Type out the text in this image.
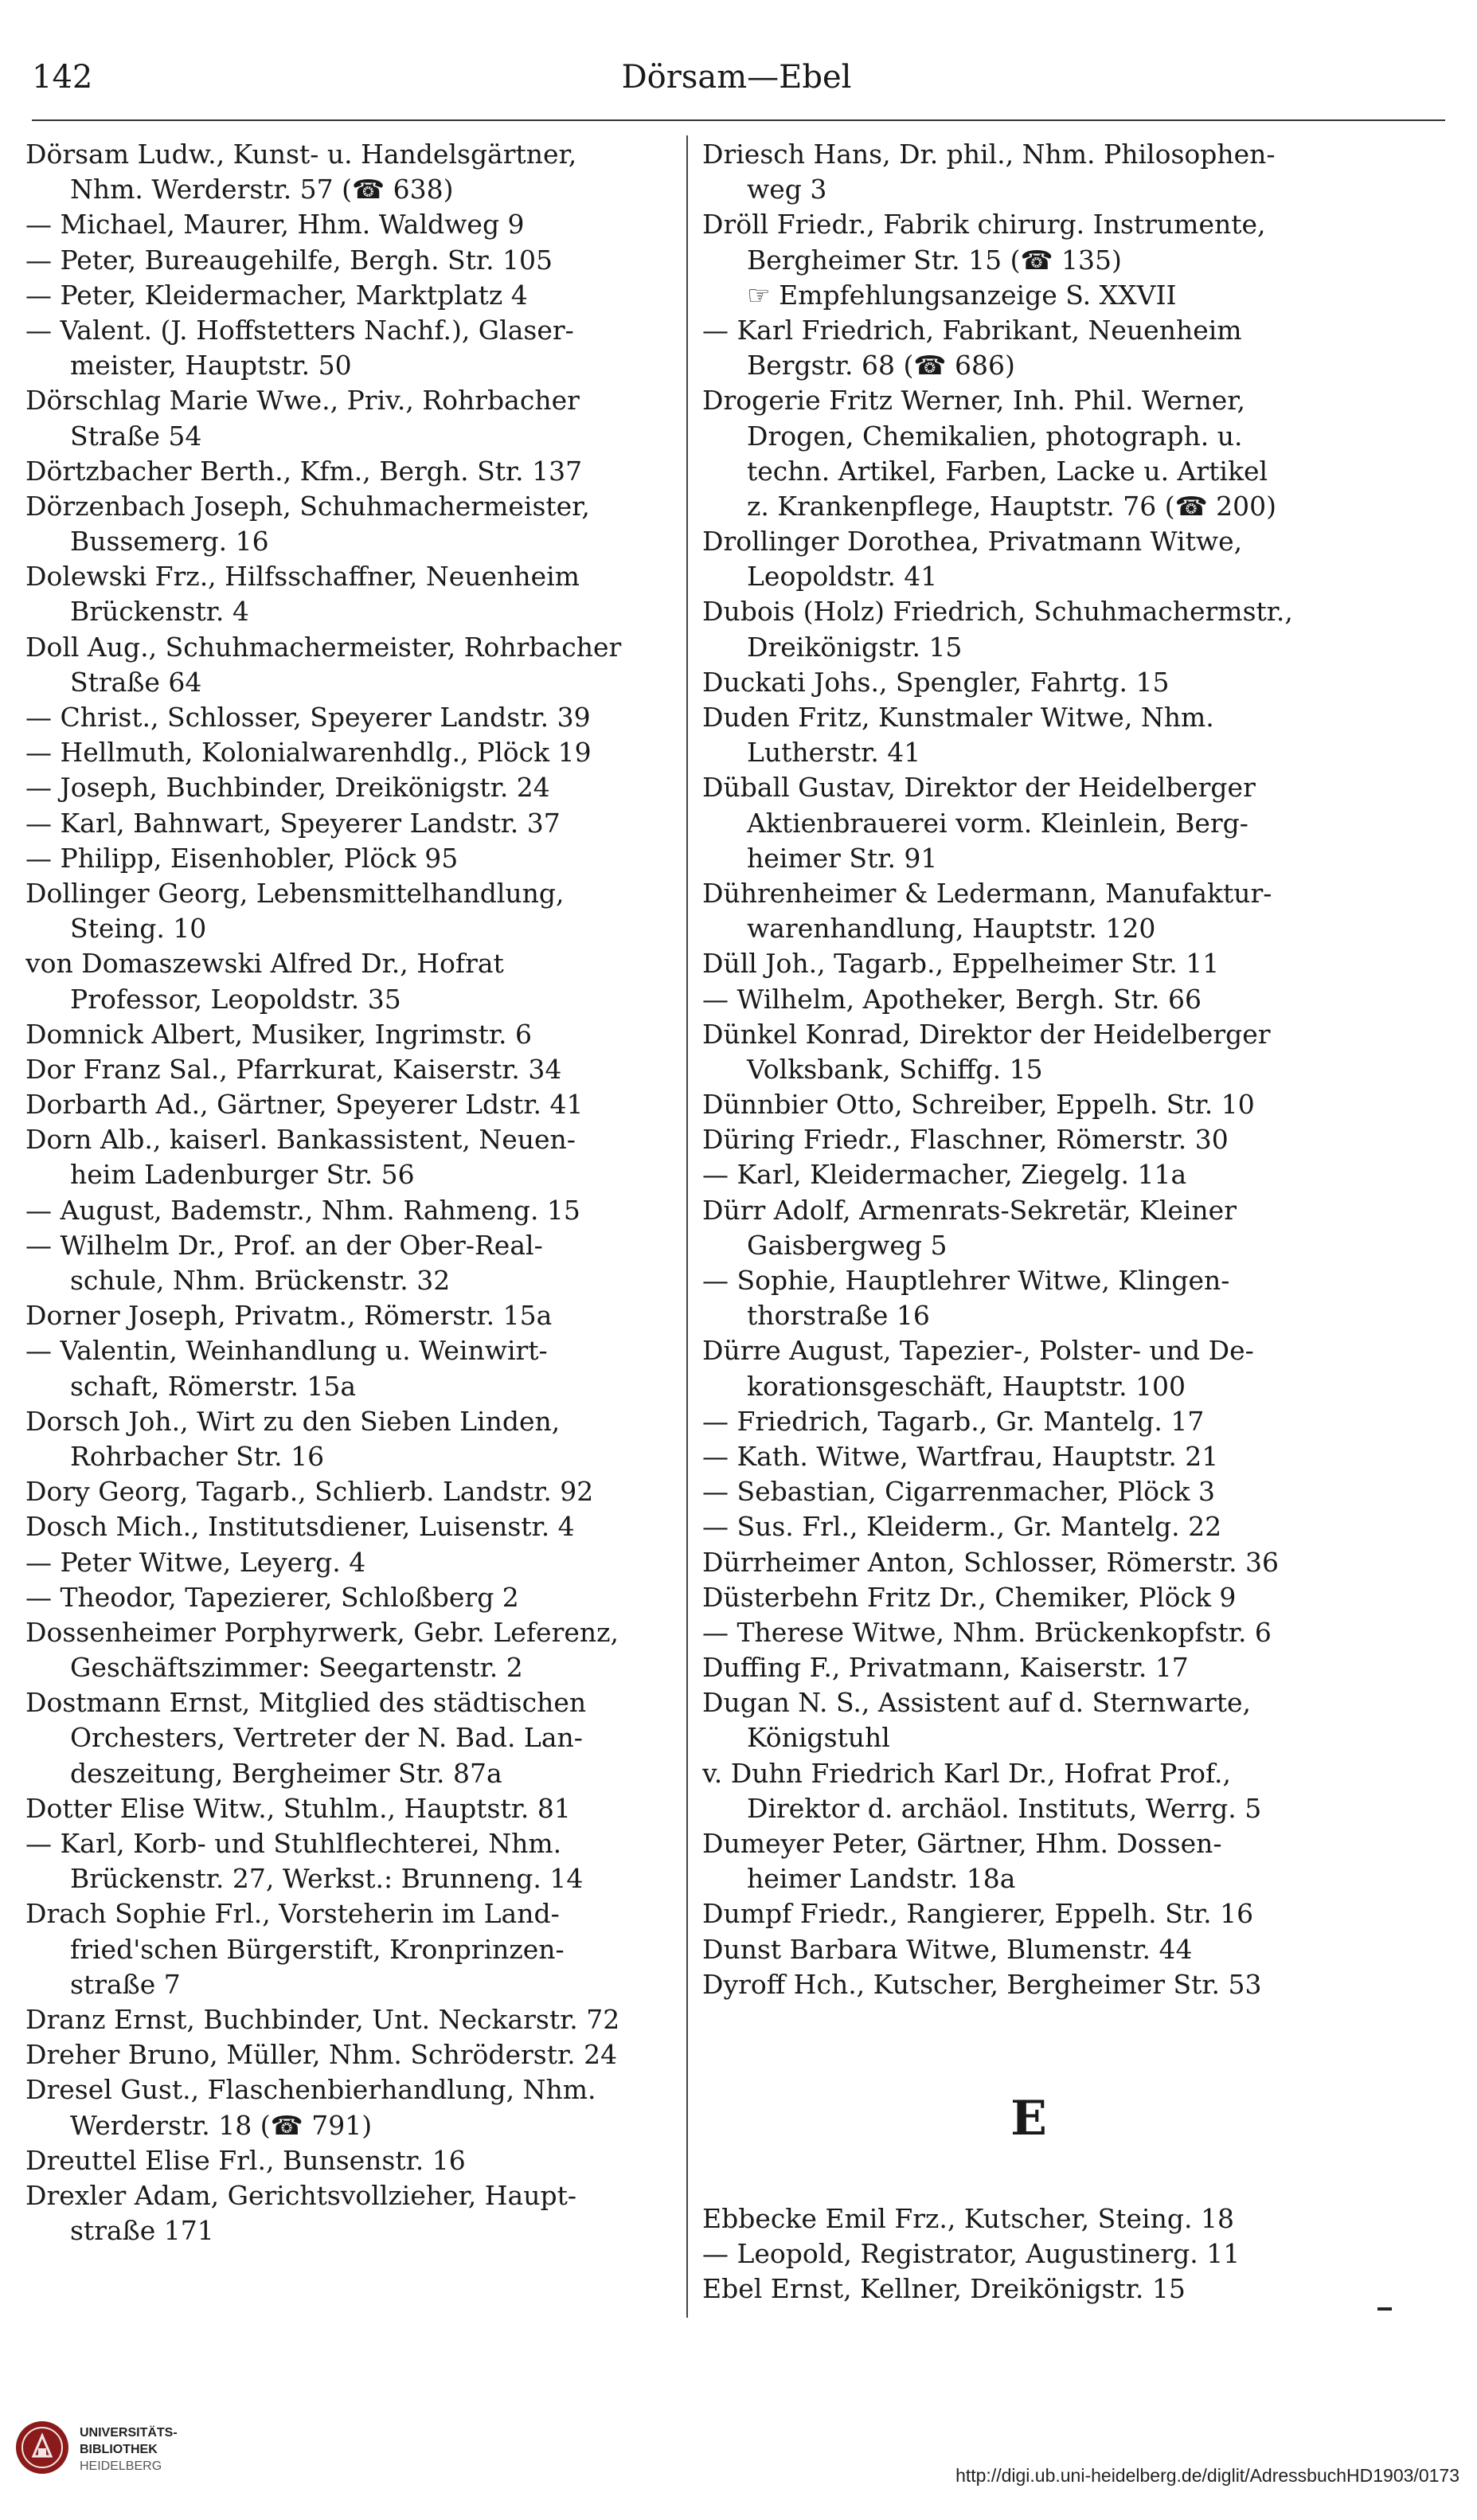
142	Dörsam—Ebel
Dörsam Ludw., Kunst- u. Handelsgärtner,
Nhm. Werderstr. 57 (☎ 638)
— Michael, Maurer, Hhm. Waldweg 9
— Peter, Bureaugehilfe, Bergh. Str. 105
— Peter, Kleidermacher, Marktplatz 4
— Valent. (J. Hoffstetters Nachf.), Glaser-
meister, Hauptstr. 50
Dörschlag Marie Wwe., Priv., Rohrbacher
Straße 54
Dörtzbacher Berth., Kfm., Bergh. Str. 137
Dörzenbach Joseph, Schuhmachermeister,
Bussemerg. 16
Dolewski Frz., Hilfsschaffner, Neuenheim
Brückenstr. 4
Doll Aug., Schuhmachermeister, Rohrbacher
Straße 64
— Christ., Schlosser, Speyerer Landstr. 39
— Hellmuth, Kolonialwarenhdlg., Plöck 19
— Joseph, Buchbinder, Dreikönigstr. 24
— Karl, Bahnwart, Speyerer Landstr. 37
— Philipp, Eisenhobler, Plöck 95
Dollinger Georg, Lebensmittelhandlung,
Steing. 10
von Domaszewski Alfred Dr., Hofrat
Professor, Leopoldstr. 35
Domnick Albert, Musiker, Ingrimstr. 6
Dor Franz Sal., Pfarrkurat, Kaiserstr. 34
Dorbarth Ad., Gärtner, Speyerer Ldstr. 41
Dorn Alb., kaiserl. Bankassistent, Neuen-
heim Ladenburger Str. 56
— August, Bademstr., Nhm. Rahmeng. 15
— Wilhelm Dr., Prof. an der Ober-Real-
schule, Nhm. Brückenstr. 32
Dorner Joseph, Privatm., Römerstr. 15a
— Valentin, Weinhandlung u. Weinwirt-
schaft, Römerstr. 15a
Dorsch Joh., Wirt zu den Sieben Linden,
Rohrbacher Str. 16
Dory Georg, Tagarb., Schlierb. Landstr. 92
Dosch Mich., Institutsdiener, Luisenstr. 4
— Peter Witwe, Leyerg. 4
— Theodor, Tapezierer, Schloßberg 2
Dossenheimer Porphyrwerk, Gebr. Leferenz,
Geschäftszimmer: Seegartenstr. 2
Dostmann Ernst, Mitglied des städtischen
Orchesters, Vertreter der N. Bad. Lan-
deszeitung, Bergheimer Str. 87a
Dotter Elise Witw., Stuhlm., Hauptstr. 81
— Karl, Korb- und Stuhlflechterei, Nhm.
Brückenstr. 27, Werkst.: Brunneng. 14
Drach Sophie Frl., Vorsteherin im Land-
fried'schen Bürgerstift, Kronprinzen-
straße 7
Dranz Ernst, Buchbinder, Unt. Neckarstr. 72
Dreher Bruno, Müller, Nhm. Schröderstr. 24
Dresel Gust., Flaschenbierhandlung, Nhm.
Werderstr. 18 (☎ 791)
Dreuttel Elise Frl., Bunsenstr. 16
Drexler Adam, Gerichtsvollzieher, Haupt-
straße 171
Driesch Hans, Dr. phil., Nhm. Philosophen-
weg 3
Dröll Friedr., Fabrik chirurg. Instrumente,
Bergheimer Str. 15 (☎ 135)
☞ Empfehlungsanzeige S. XXVII
— Karl Friedrich, Fabrikant, Neuenheim
Bergstr. 68 (☎ 686)
Drogerie Fritz Werner, Inh. Phil. Werner,
Drogen, Chemikalien, photograph. u.
techn. Artikel, Farben, Lacke u. Artikel
z. Krankenpflege, Hauptstr. 76 (☎ 200)
Drollinger Dorothea, Privatmann Witwe,
Leopoldstr. 41
Dubois (Holz) Friedrich, Schuhmachermstr.,
Dreikönigstr. 15
Duckati Johs., Spengler, Fahrtg. 15
Duden Fritz, Kunstmaler Witwe, Nhm.
Lutherstr. 41
Düball Gustav, Direktor der Heidelberger
Aktienbrauerei vorm. Kleinlein, Berg-
heimer Str. 91
Dührenheimer & Ledermann, Manufaktur-
warenhandlung, Hauptstr. 120
Düll Joh., Tagarb., Eppelheimer Str. 11
— Wilhelm, Apotheker, Bergh. Str. 66
Dünkel Konrad, Direktor der Heidelberger
Volksbank, Schiffg. 15
Dünnbier Otto, Schreiber, Eppelh. Str. 10
Düring Friedr., Flaschner, Römerstr. 30
— Karl, Kleidermacher, Ziegelg. 11a
Dürr Adolf, Armenrats-Sekretär, Kleiner
Gaisbergweg 5
— Sophie, Hauptlehrer Witwe, Klingen-
thorstraße 16
Dürre August, Tapezier-, Polster- und De-
korationsgeschäft, Hauptstr. 100
— Friedrich, Tagarb., Gr. Mantelg. 17
— Kath. Witwe, Wartfrau, Hauptstr. 21
— Sebastian, Cigarrenmacher, Plöck 3
— Sus. Frl., Kleiderm., Gr. Mantelg. 22
Dürrheimer Anton, Schlosser, Römerstr. 36
Düsterbehn Fritz Dr., Chemiker, Plöck 9
— Therese Witwe, Nhm. Brückenkopfstr. 6
Duffing F., Privatmann, Kaiserstr. 17
Dugan N. S., Assistent auf d. Sternwarte,
Königstuhl
v. Duhn Friedrich Karl Dr., Hofrat Prof.,
Direktor d. archäol. Instituts, Werrg. 5
Dumeyer Peter, Gärtner, Hhm. Dossen-
heimer Landstr. 18a
Dumpf Friedr., Rangierer, Eppelh. Str. 16
Dunst Barbara Witwe, Blumenstr. 44
Dyroff Hch., Kutscher, Bergheimer Str. 53
E
Ebbecke Emil Frz., Kutscher, Steing. 18
— Leopold, Registrator, Augustinerg. 11
Ebel Ernst, Kellner, Dreikönigstr. 15
UNIVERSITÄTS-
BIBLIOTHEK
HEIDELBERG	http://digi.ub.uni-heidelberg.de/diglit/AdressbuchHD1903/0173
